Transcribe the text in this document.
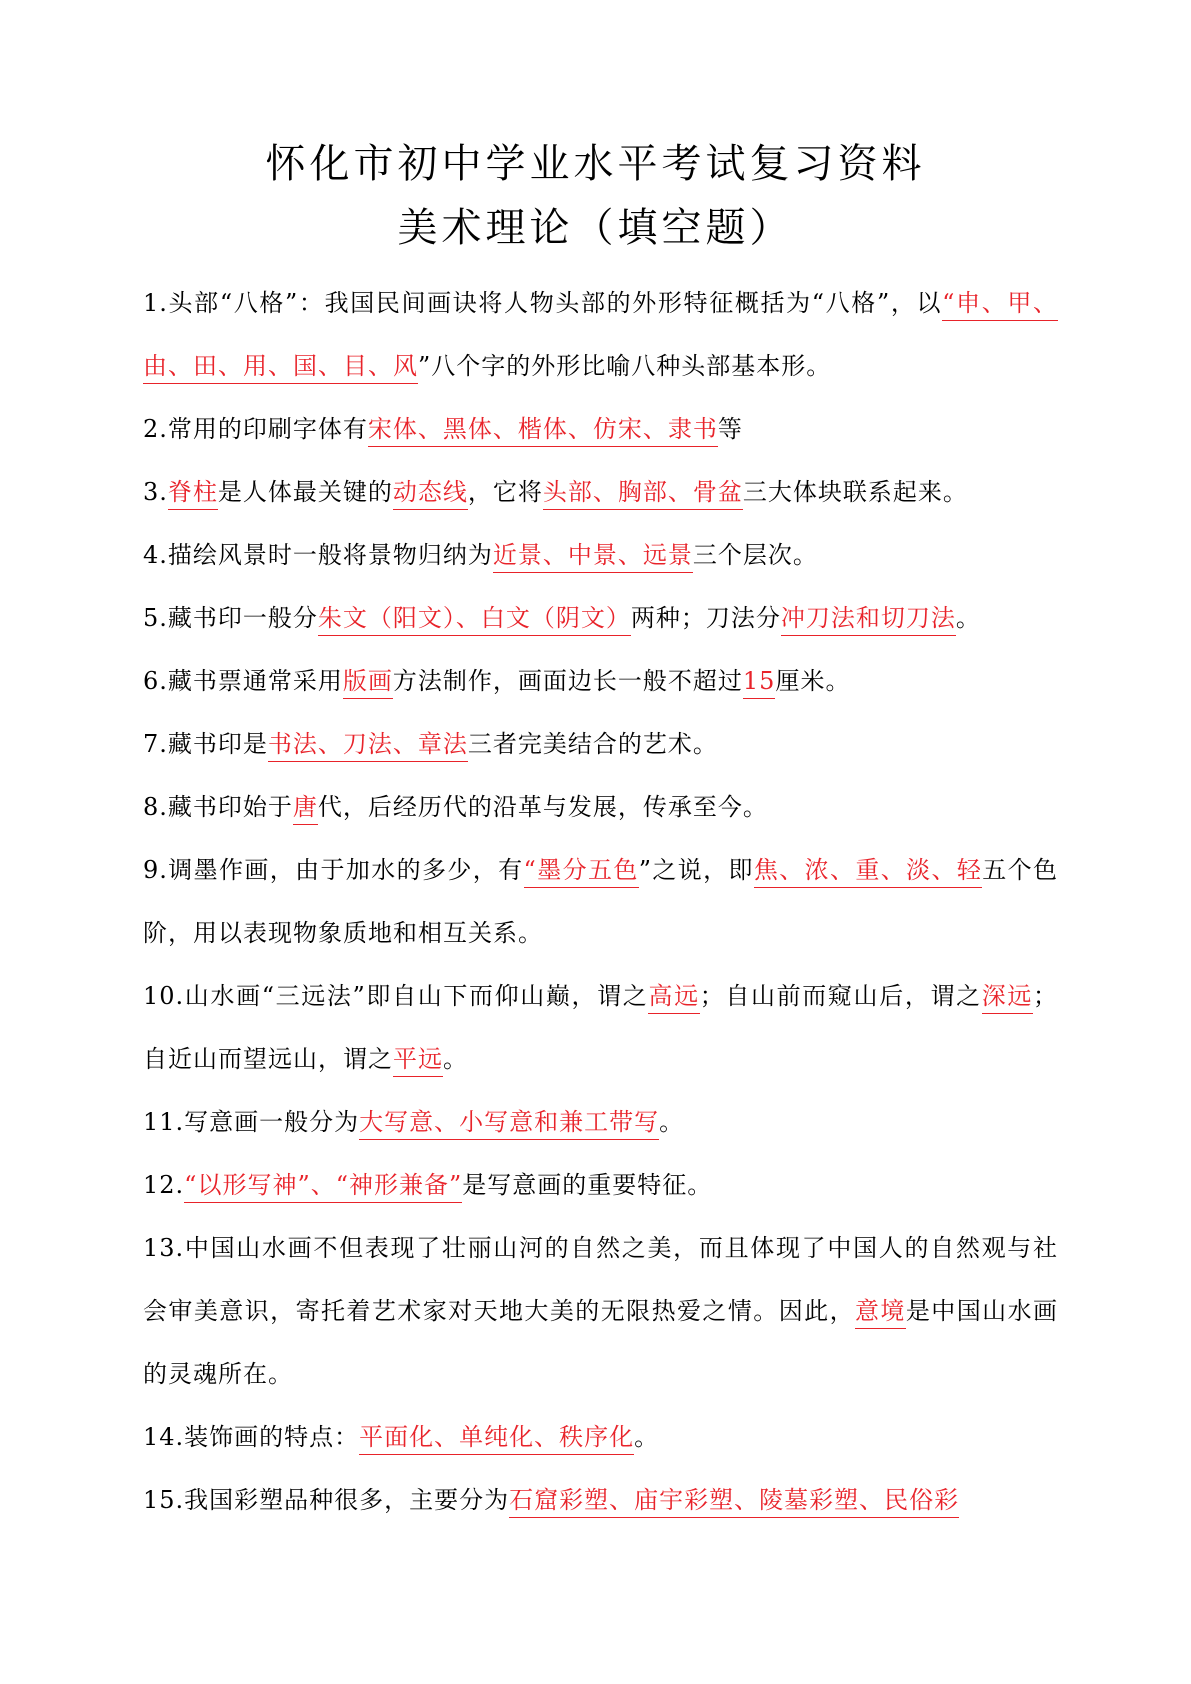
怀化市初中学业水平考试复习资料
美术理论（填空题）

1.头部“八格”：我国民间画诀将人物头部的外形特征概括为“八格”，以“申、甲、由、田、用、国、目、风”八个字的外形比喻八种头部基本形。

2.常用的印刷字体有宋体、黑体、楷体、仿宋、隶书等

3.脊柱是人体最关键的动态线，它将头部、胸部、骨盆三大体块联系起来。

4.描绘风景时一般将景物归纳为近景、中景、远景三个层次。

5.藏书印一般分朱文（阳文）、白文（阴文）两种；刀法分冲刀法和切刀法。

6.藏书票通常采用版画方法制作，画面边长一般不超过15厘米。

7.藏书印是书法、刀法、章法三者完美结合的艺术。

8.藏书印始于唐代，后经历代的沿革与发展，传承至今。

9.调墨作画，由于加水的多少，有“墨分五色”之说，即焦、浓、重、淡、轻五个色阶，用以表现物象质地和相互关系。

10.山水画“三远法”即自山下而仰山巅，谓之高远；自山前而窥山后，谓之深远；自近山而望远山，谓之平远。

11.写意画一般分为大写意、小写意和兼工带写。

12.“以形写神”、“神形兼备”是写意画的重要特征。

13.中国山水画不但表现了壮丽山河的自然之美，而且体现了中国人的自然观与社会审美意识，寄托着艺术家对天地大美的无限热爱之情。因此，意境是中国山水画的灵魂所在。

14.装饰画的特点：平面化、单纯化、秩序化。

15.我国彩塑品种很多，主要分为石窟彩塑、庙宇彩塑、陵墓彩塑、民俗彩
